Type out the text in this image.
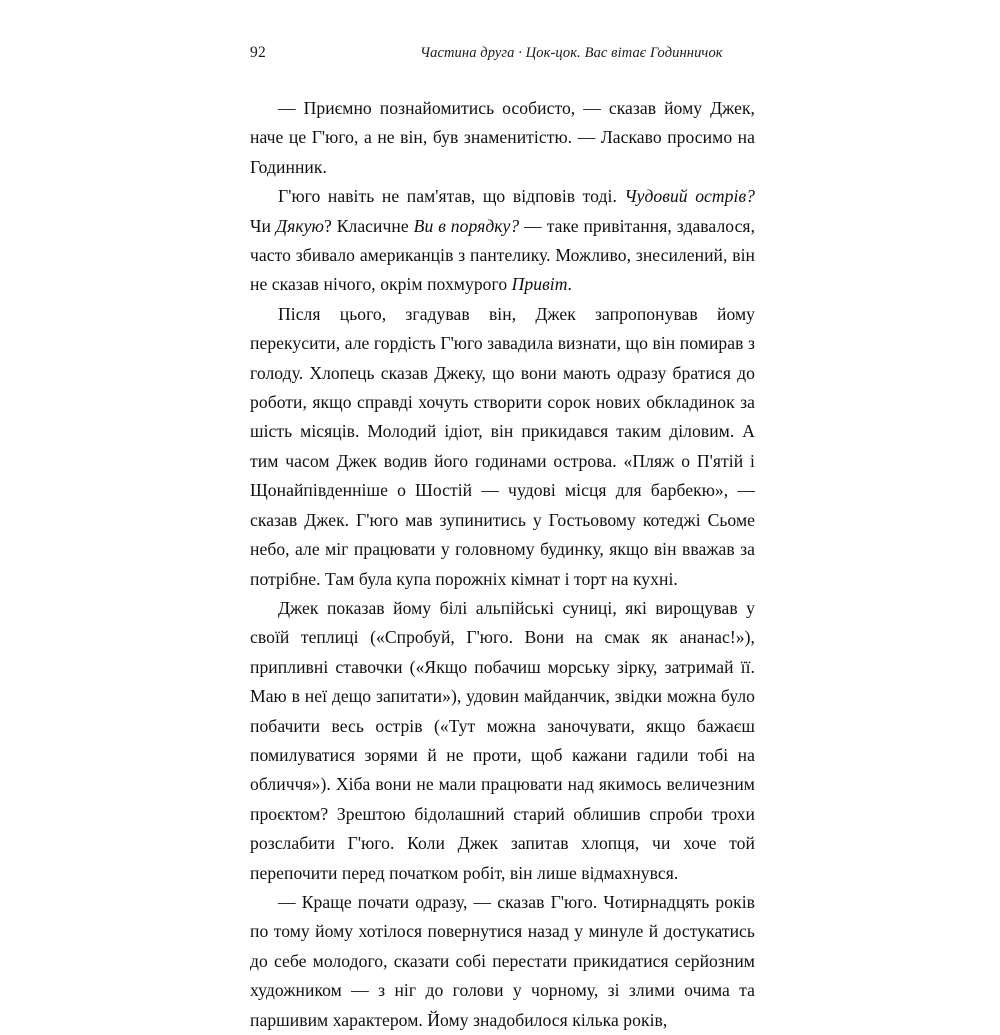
92	Частина друга · Цок-цок. Вас вітає Годинничок

— Приємно познайомитись особисто, — сказав йому Джек, наче це Г'юго, а не він, був знаменитістю. — Ласкаво просимо на Годинник.

Г'юго навіть не пам'ятав, що відповів тоді. Чудовий острів? Чи Дякую? Класичне Ви в порядку? — таке привітання, здавалося, часто збивало американців з пантелику. Можливо, знесилений, він не сказав нічого, окрім похмурого Привіт.

Після цього, згадував він, Джек запропонував йому перекусити, але гордість Г'юго завадила визнати, що він помирав з голоду. Хлопець сказав Джеку, що вони мають одразу братися до роботи, якщо справді хочуть створити сорок нових обкладинок за шість місяців. Молодий ідіот, він прикидався таким діловим. А тим часом Джек водив його годинами острова. «Пляж о П'ятій і Щонайпівденніше о Шостій — чудові місця для барбекю», — сказав Джек. Г'юго мав зупинитись у Гостьовому котеджі Сьоме небо, але міг працювати у головному будинку, якщо він вважав за потрібне. Там була купа порожніх кімнат і торт на кухні.

Джек показав йому білі альпійські суниці, які вирощував у своїй теплиці («Спробуй, Г'юго. Вони на смак як ананас!»), припливні ставочки («Якщо побачиш морську зірку, затримай її. Маю в неї дещо запитати»), удовин майданчик, звідки можна було побачити весь острів («Тут можна заночувати, якщо бажаєш помилуватися зорями й не проти, щоб кажани гадили тобі на обличчя»). Хіба вони не мали працювати над якимось величезним проєктом? Зрештою бідолашний старий облишив спроби трохи розслабити Г'юго. Коли Джек запитав хлопця, чи хоче той перепочити перед початком робіт, він лише відмахнувся.

— Краще почати одразу, — сказав Г'юго. Чотирнадцять років по тому йому хотілося повернутися назад у минуле й достукатись до себе молодого, сказати собі перестати прикидатися серйозним художником — з ніг до голови у чорному, зі злими очима та паршивим характером. Йому знадобилося кілька років,
